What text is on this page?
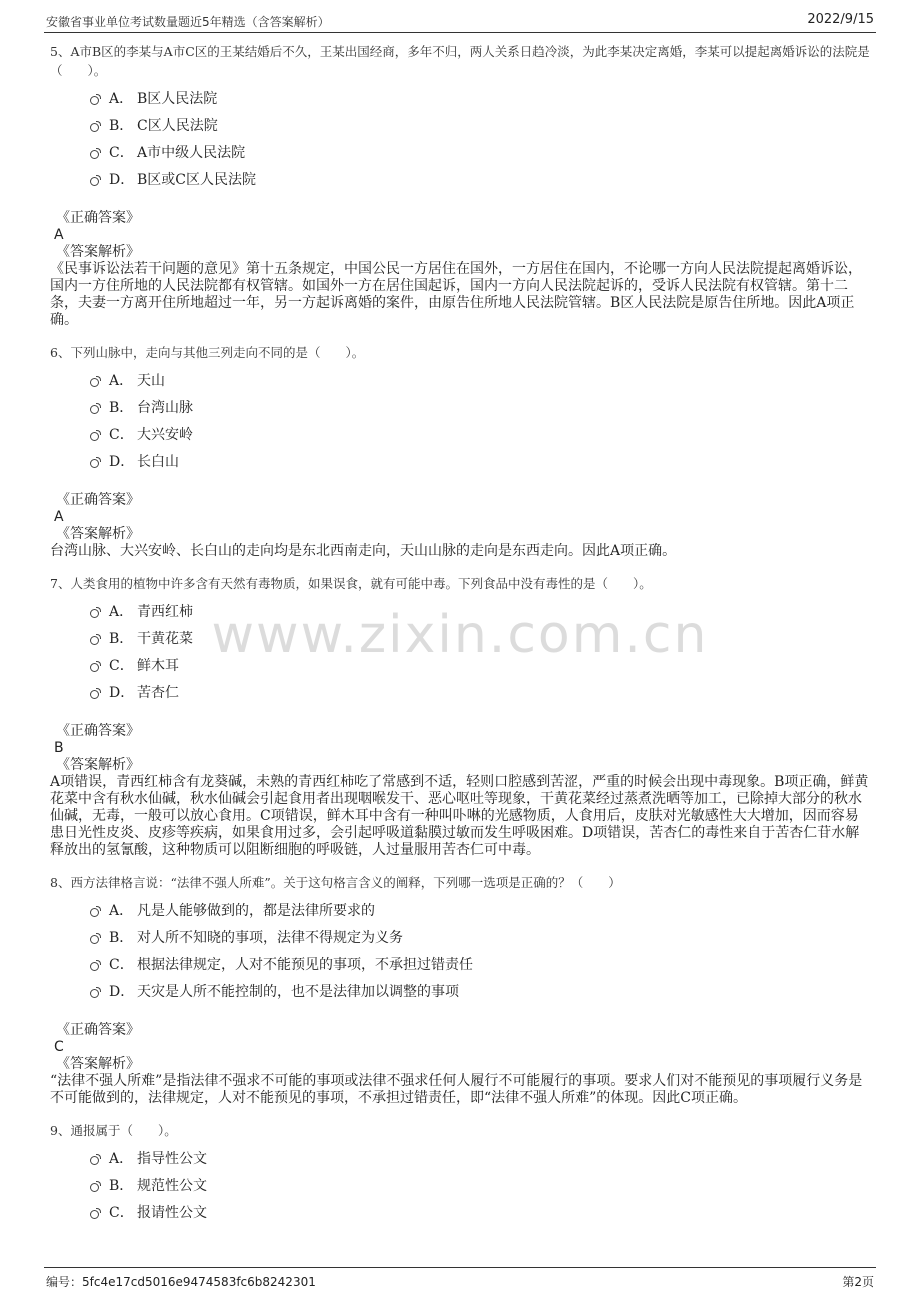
安徽省事业单位考试数量题近5年精选（含答案解析）	2022/9/15
www.zixin.com.cn

5、A市B区的李某与A市C区的王某结婚后不久，王某出国经商，多年不归，两人关系日趋冷淡，为此李某决定离婚，李某可以提起离婚诉讼的法院是（　　）。

A． B区人民法院
B． C区人民法院
C． A市中级人民法院
D． B区或C区人民法院
《正确答案》
A
《答案解析》
《民事诉讼法若干问题的意见》第十五条规定，中国公民一方居住在国外，一方居住在国内，不论哪一方向人民法院提起离婚诉讼，国内一方住所地的人民法院都有权管辖。如国外一方在居住国起诉，国内一方向人民法院起诉的，受诉人民法院有权管辖。第十二条，夫妻一方离开住所地超过一年，另一方起诉离婚的案件，由原告住所地人民法院管辖。B区人民法院是原告住所地。因此A项正确。

6、下列山脉中，走向与其他三列走向不同的是（　　）。

A． 天山
B． 台湾山脉
C． 大兴安岭
D． 长白山
《正确答案》
A
《答案解析》
台湾山脉、大兴安岭、长白山的走向均是东北西南走向，天山山脉的走向是东西走向。因此A项正确。

7、人类食用的植物中许多含有天然有毒物质，如果误食，就有可能中毒。下列食品中没有毒性的是（　　）。

A． 青西红柿
B． 干黄花菜
C． 鲜木耳
D． 苦杏仁
《正确答案》
B
《答案解析》
A项错误，青西红柿含有龙葵碱，未熟的青西红柿吃了常感到不适，轻则口腔感到苦涩，严重的时候会出现中毒现象。B项正确，鲜黄花菜中含有秋水仙碱，秋水仙碱会引起食用者出现咽喉发干、恶心呕吐等现象，干黄花菜经过蒸煮洗晒等加工，已除掉大部分的秋水仙碱，无毒，一般可以放心食用。C项错误，鲜木耳中含有一种叫卟啉的光感物质，人食用后，皮肤对光敏感性大大增加，因而容易患日光性皮炎、皮疹等疾病，如果食用过多，会引起呼吸道黏膜过敏而发生呼吸困难。D项错误，苦杏仁的毒性来自于苦杏仁苷水解释放出的氢氰酸，这种物质可以阻断细胞的呼吸链，人过量服用苦杏仁可中毒。

8、西方法律格言说：“法律不强人所难”。关于这句格言含义的阐释，下列哪一选项是正确的？（　　）

A． 凡是人能够做到的，都是法律所要求的
B． 对人所不知晓的事项，法律不得规定为义务
C． 根据法律规定，人对不能预见的事项，不承担过错责任
D． 天灾是人所不能控制的，也不是法律加以调整的事项
《正确答案》
C
《答案解析》
“法律不强人所难”是指法律不强求不可能的事项或法律不强求任何人履行不可能履行的事项。要求人们对不能预见的事项履行义务是不可能做到的，法律规定，人对不能预见的事项，不承担过错责任，即“法律不强人所难”的体现。因此C项正确。

9、通报属于（　　）。

A． 指导性公文
B． 规范性公文
C． 报请性公文
编号：5fc4e17cd5016e9474583fc6b8242301	第2页
